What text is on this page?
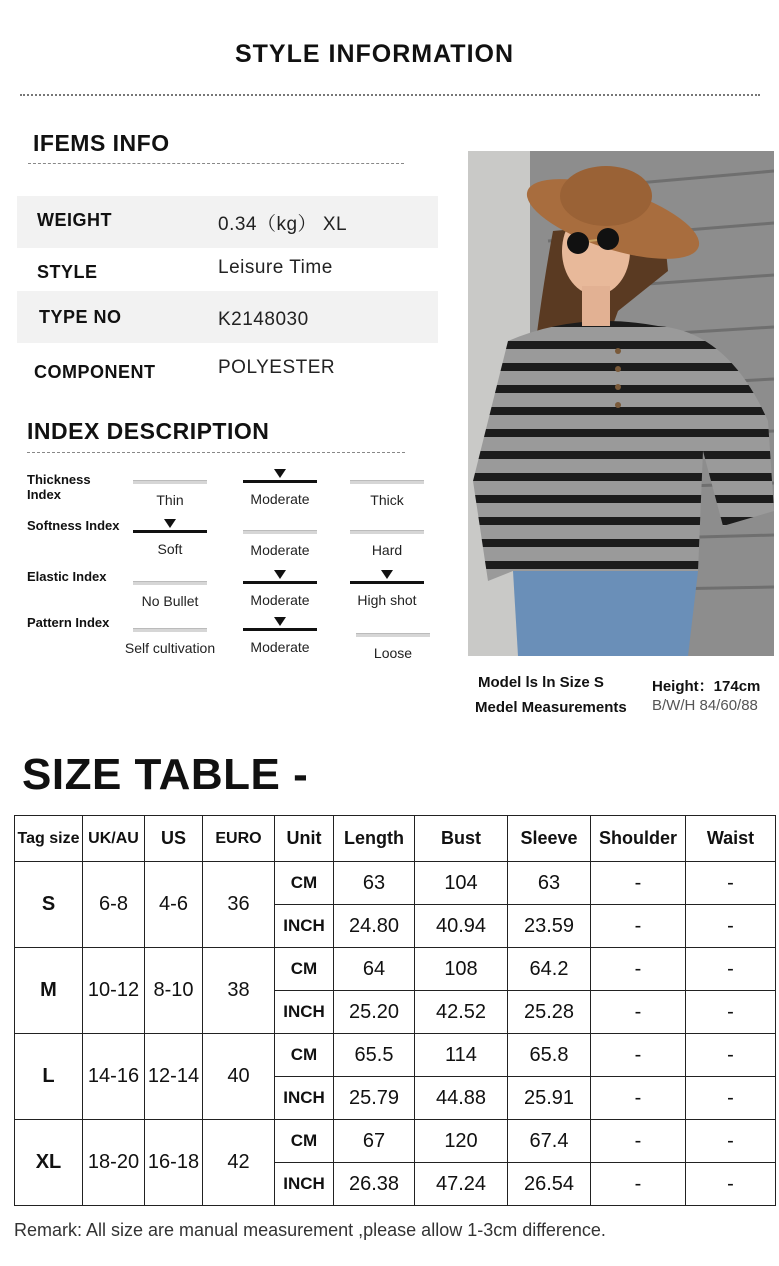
STYLE INFORMATION
IFEMS INFO
WEIGHT	0.34（kg） XL
STYLE	Leisure Time
TYPE NO	K2148030
COMPONENT	POLYESTER
INDEX DESCRIPTION
Thickness Index	Thin	Moderate	Thick
Softness Index
Soft	Moderate	Hard
Elastic Index
No Bullet	Moderate	High shot
Pattern Index
Self cultivation	Moderate	Loose
Model ls ln Size S
Medel Measurements
Height：174cm
B/W/H 84/60/88
SIZE TABLE -
Tag size	UK/AU	US	EURO	Unit	Length	Bust	Sleeve	Shoulder	Waist
S	6-8	4-6	36	CM	63	104	63	-	-
				INCH	24.80	40.94	23.59	-	-
M	10-12	8-10	38	CM	64	108	64.2	-	-
				INCH	25.20	42.52	25.28	-	-
L	14-16	12-14	40	CM	65.5	114	65.8	-	-
				INCH	25.79	44.88	25.91	-	-
XL	18-20	16-18	42	CM	67	120	67.4	-	-
				INCH	26.38	47.24	26.54	-	-
Remark: All size are manual measurement ,please allow 1-3cm difference.
